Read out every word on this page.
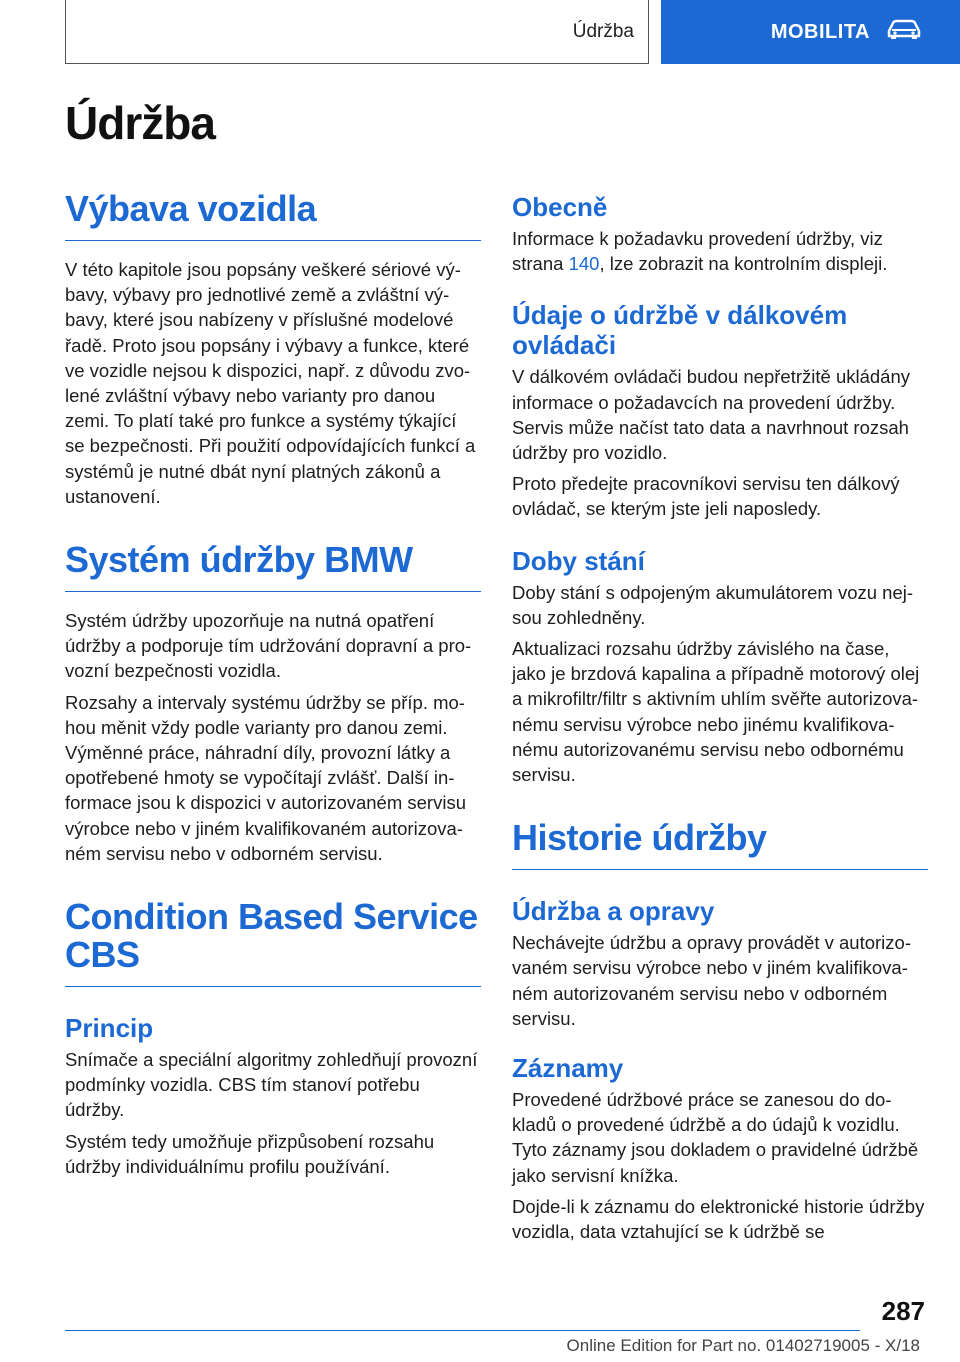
Údržba	MOBILITA
Údržba
Výbava vozidla

V této kapitole jsou popsány veškeré sériové výbavy, výbavy pro jednotlivé země a zvláštní výbavy, které jsou nabízeny v příslušné modelové řadě. Proto jsou popsány i výbavy a funkce, které ve vozidle nejsou k dispozici, např. z důvodu zvolené zvláštní výbavy nebo varianty pro danou zemi. To platí také pro funkce a systémy týkající se bezpečnosti. Při použití odpovídajících funkcí a systémů je nutné dbát nyní platných zákonů a ustanovení.

Systém údržby BMW

Systém údržby upozorňuje na nutná opatření údržby a podporuje tím udržování dopravní a provozní bezpečnosti vozidla.

Rozsahy a intervaly systému údržby se příp. mohou měnit vždy podle varianty pro danou zemi. Výměnné práce, náhradní díly, provozní látky a opotřebené hmoty se vypočítají zvlášť. Další informace jsou k dispozici v autorizovaném servisu výrobce nebo v jiném kvalifikovaném autorizovaném servisu nebo v odborném servisu.

Condition Based Service CBS
Princip

Snímače a speciální algoritmy zohledňují provozní podmínky vozidla. CBS tím stanoví potřebu údržby.

Systém tedy umožňuje přizpůsobení rozsahu údržby individuálnímu profilu používání.

Obecně

Informace k požadavku provedení údržby, viz strana 140, lze zobrazit na kontrolním displeji.

Údaje o údržbě v dálkovém ovládači

V dálkovém ovládači budou nepřetržitě ukládány informace o požadavcích na provedení údržby. Servis může načíst tato data a navrhnout rozsah údržby pro vozidlo.

Proto předejte pracovníkovi servisu ten dálkový ovládač, se kterým jste jeli naposledy.

Doby stání

Doby stání s odpojeným akumulátorem vozu nejsou zohledněny.

Aktualizaci rozsahu údržby závislého na čase, jako je brzdová kapalina a případně motorový olej a mikrofiltr/filtr s aktivním uhlím svěřte autorizovanému servisu výrobce nebo jinému kvalifikovanému autorizovanému servisu nebo odbornému servisu.

Historie údržby
Údržba a opravy

Nechávejte údržbu a opravy provádět v autorizovaném servisu výrobce nebo v jiném kvalifikovaném autorizovaném servisu nebo v odborném servisu.

Záznamy

Provedené údržbové práce se zanesou do dokladů o provedené údržbě a do údajů k vozidlu. Tyto záznamy jsou dokladem o pravidelné údržbě jako servisní knížka.

Dojde-li k záznamu do elektronické historie údržby vozidla, data vztahující se k údržbě se

287
Online Edition for Part no. 01402719005 - X/18
